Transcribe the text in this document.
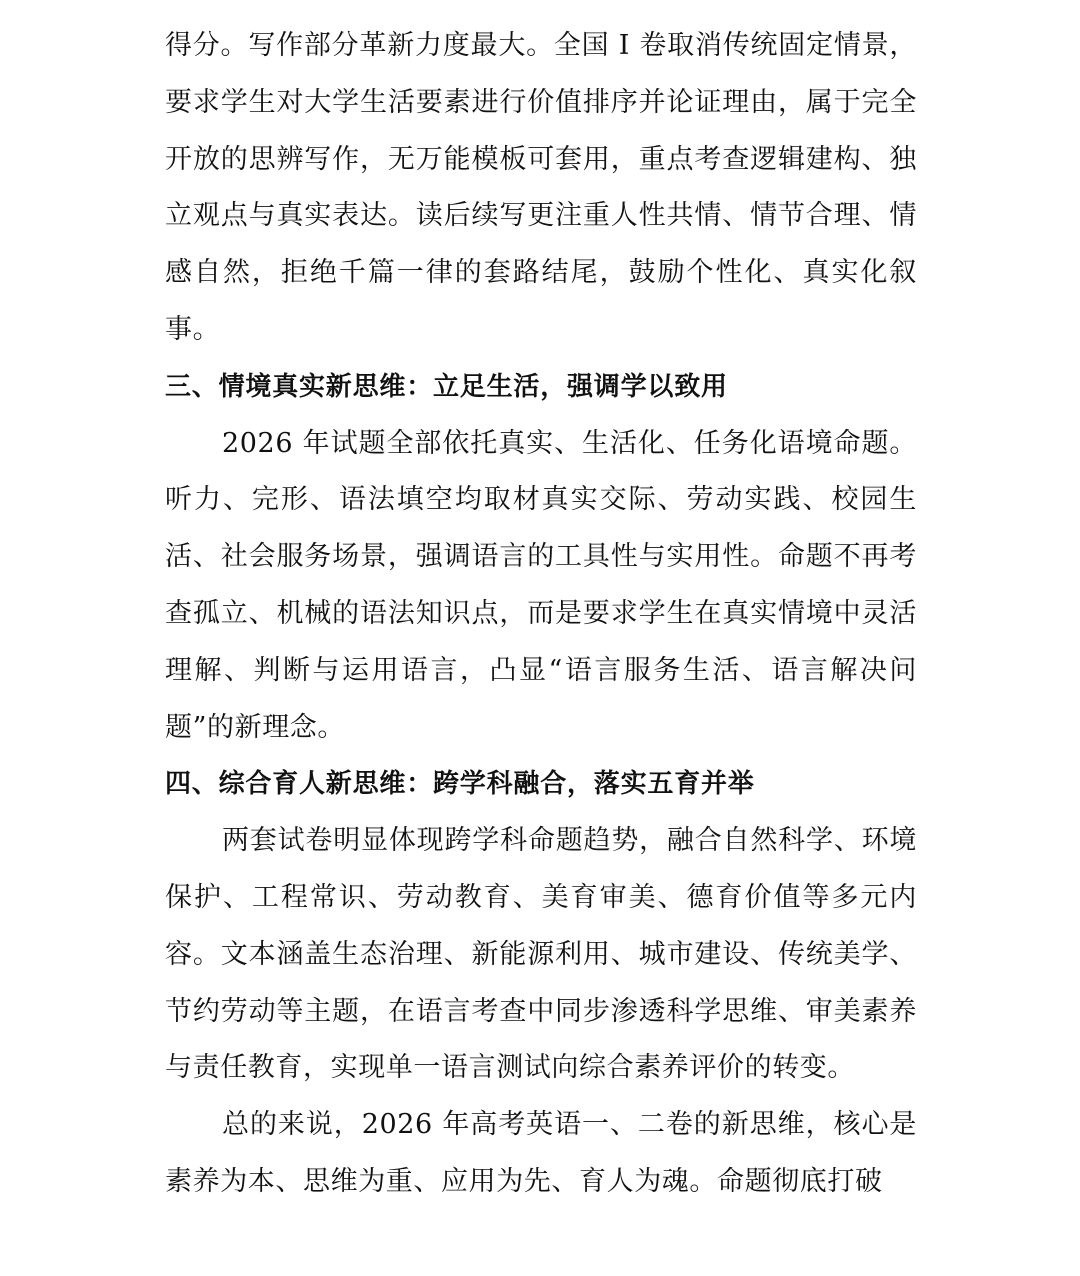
得分。写作部分革新力度最大。全国 I 卷取消传统固定情景，要求学生对大学生活要素进行价值排序并论证理由，属于完全开放的思辨写作，无万能模板可套用，重点考查逻辑建构、独立观点与真实表达。读后续写更注重人性共情、情节合理、情感自然，拒绝千篇一律的套路结尾，鼓励个性化、真实化叙事。

三、情境真实新思维：立足生活，强调学以致用

2026 年试题全部依托真实、生活化、任务化语境命题。听力、完形、语法填空均取材真实交际、劳动实践、校园生活、社会服务场景，强调语言的工具性与实用性。命题不再考查孤立、机械的语法知识点，而是要求学生在真实情境中灵活理解、判断与运用语言，凸显“语言服务生活、语言解决问题”的新理念。

四、综合育人新思维：跨学科融合，落实五育并举

两套试卷明显体现跨学科命题趋势，融合自然科学、环境保护、工程常识、劳动教育、美育审美、德育价值等多元内容。文本涵盖生态治理、新能源利用、城市建设、传统美学、节约劳动等主题，在语言考查中同步渗透科学思维、审美素养与责任教育，实现单一语言测试向综合素养评价的转变。

总的来说，2026 年高考英语一、二卷的新思维，核心是素养为本、思维为重、应用为先、育人为魂。命题彻底打破
